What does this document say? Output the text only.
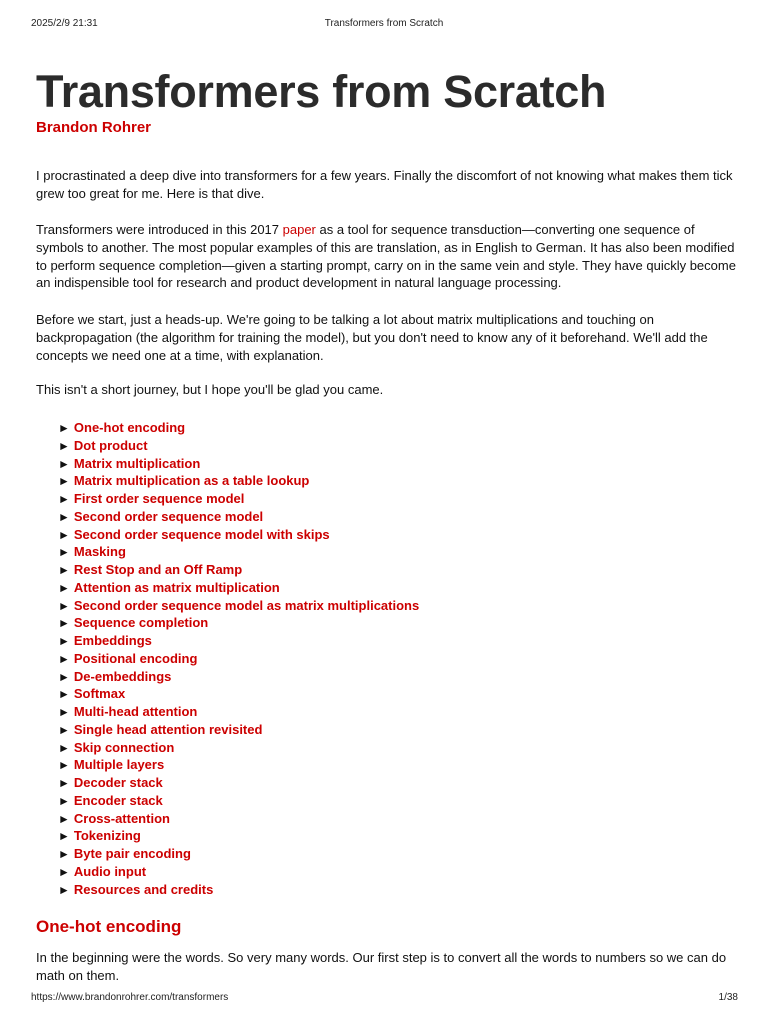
2025/2/9 21:31	Transformers from Scratch
Transformers from Scratch
Brandon Rohrer

I procrastinated a deep dive into transformers for a few years. Finally the discomfort of not knowing what makes them tick grew too great for me. Here is that dive.

Transformers were introduced in this 2017 paper as a tool for sequence transduction—converting one sequence of symbols to another. The most popular examples of this are translation, as in English to German. It has also been modified to perform sequence completion—given a starting prompt, carry on in the same vein and style. They have quickly become an indispensible tool for research and product development in natural language processing.

Before we start, just a heads-up. We're going to be talking a lot about matrix multiplications and touching on backpropagation (the algorithm for training the model), but you don't need to know any of it beforehand. We'll add the concepts we need one at a time, with explanation.

This isn't a short journey, but I hope you'll be glad you came.

► One-hot encoding
► Dot product
► Matrix multiplication
► Matrix multiplication as a table lookup
► First order sequence model
► Second order sequence model
► Second order sequence model with skips
► Masking
► Rest Stop and an Off Ramp
► Attention as matrix multiplication
► Second order sequence model as matrix multiplications
► Sequence completion
► Embeddings
► Positional encoding
► De-embeddings
► Softmax
► Multi-head attention
► Single head attention revisited
► Skip connection
► Multiple layers
► Decoder stack
► Encoder stack
► Cross-attention
► Tokenizing
► Byte pair encoding
► Audio input
► Resources and credits
One-hot encoding

In the beginning were the words. So very many words. Our first step is to convert all the words to numbers so we can do math on them.

https://www.brandonrohrer.com/transformers	1/38
